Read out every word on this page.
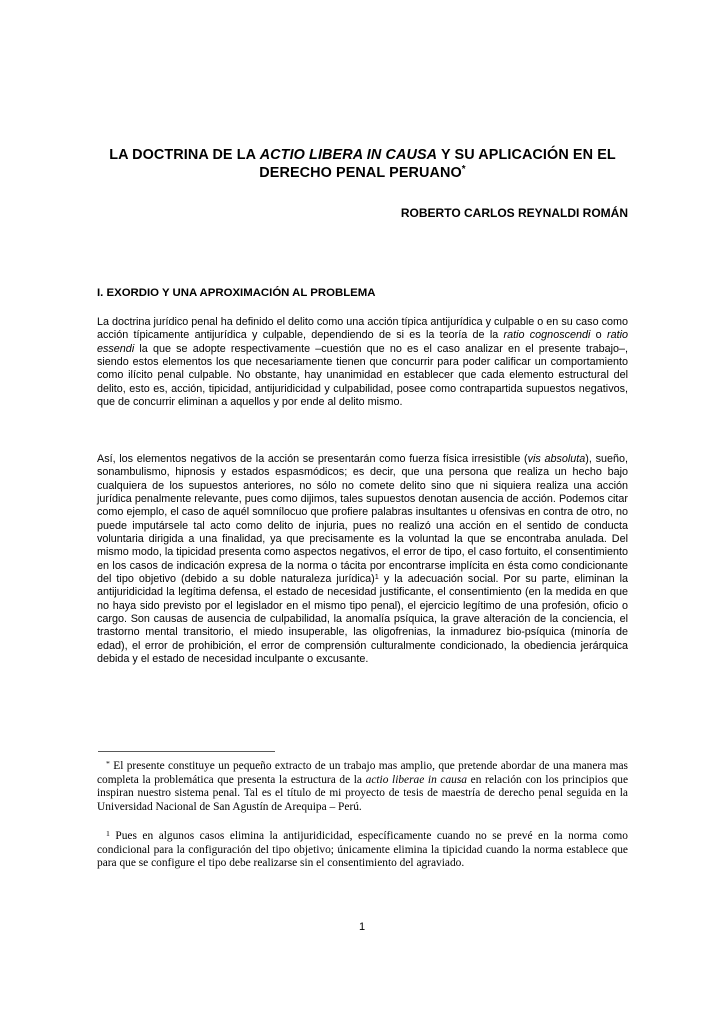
LA DOCTRINA DE LA ACTIO LIBERA IN CAUSA Y SU APLICACIÓN EN EL
DERECHO PENAL PERUANO*
ROBERTO CARLOS REYNALDI ROMÁN
I. EXORDIO Y UNA APROXIMACIÓN AL PROBLEMA

La doctrina jurídico penal ha definido el delito como una acción típica antijurídica y culpable o en su caso como acción típicamente antijurídica y culpable, dependiendo de si es la teoría de la ratio cognoscendi o ratio essendi la que se adopte respectivamente –cuestión que no es el caso analizar en el presente trabajo–, siendo estos elementos los que necesariamente tienen que concurrir para poder calificar un comportamiento como ilícito penal culpable. No obstante, hay unanimidad en establecer que cada elemento estructural del delito, esto es, acción, tipicidad, antijuridicidad y culpabilidad, posee como contrapartida supuestos negativos, que de concurrir eliminan a aquellos y por ende al delito mismo.

Así, los elementos negativos de la acción se presentarán como fuerza física irresistible (vis absoluta), sueño, sonambulismo, hipnosis y estados espasmódicos; es decir, que una persona que realiza un hecho bajo cualquiera de los supuestos anteriores, no sólo no comete delito sino que ni siquiera realiza una acción jurídica penalmente relevante, pues como dijimos, tales supuestos denotan ausencia de acción. Podemos citar como ejemplo, el caso de aquél somnílocuo que profiere palabras insultantes u ofensivas en contra de otro, no puede imputársele tal acto como delito de injuria, pues no realizó una acción en el sentido de conducta voluntaria dirigida a una finalidad, ya que precisamente es la voluntad la que se encontraba anulada. Del mismo modo, la tipicidad presenta como aspectos negativos, el error de tipo, el caso fortuito, el consentimiento en los casos de indicación expresa de la norma o tácita por encontrarse implícita en ésta como condicionante del tipo objetivo (debido a su doble naturaleza jurídica)$^1$ y la adecuación social. Por su parte, eliminan la antijuridicidad la legítima defensa, el estado de necesidad justificante, el consentimiento (en la medida en que no haya sido previsto por el legislador en el mismo tipo penal), el ejercicio legítimo de una profesión, oficio o cargo. Son causas de ausencia de culpabilidad, la anomalía psíquica, la grave alteración de la conciencia, el trastorno mental transitorio, el miedo insuperable, las oligofrenias, la inmadurez bio-psíquica (minoría de edad), el error de prohibición, el error de comprensión culturalmente condicionado, la obediencia jerárquica debida y el estado de necesidad inculpante o excusante.

* El presente constituye un pequeño extracto de un trabajo mas amplio, que pretende abordar de una manera mas completa la problemática que presenta la estructura de la actio liberae in causa en relación con los principios que inspiran nuestro sistema penal. Tal es el título de mi proyecto de tesis de maestría de derecho penal seguida en la Universidad Nacional de San Agustín de Arequipa – Perú.

$^1$ Pues en algunos casos elimina la antijuridicidad, específicamente cuando no se prevé en la norma como condicional para la configuración del tipo objetivo; únicamente elimina la tipicidad cuando la norma establece que para que se configure el tipo debe realizarse sin el consentimiento del agraviado.

1
